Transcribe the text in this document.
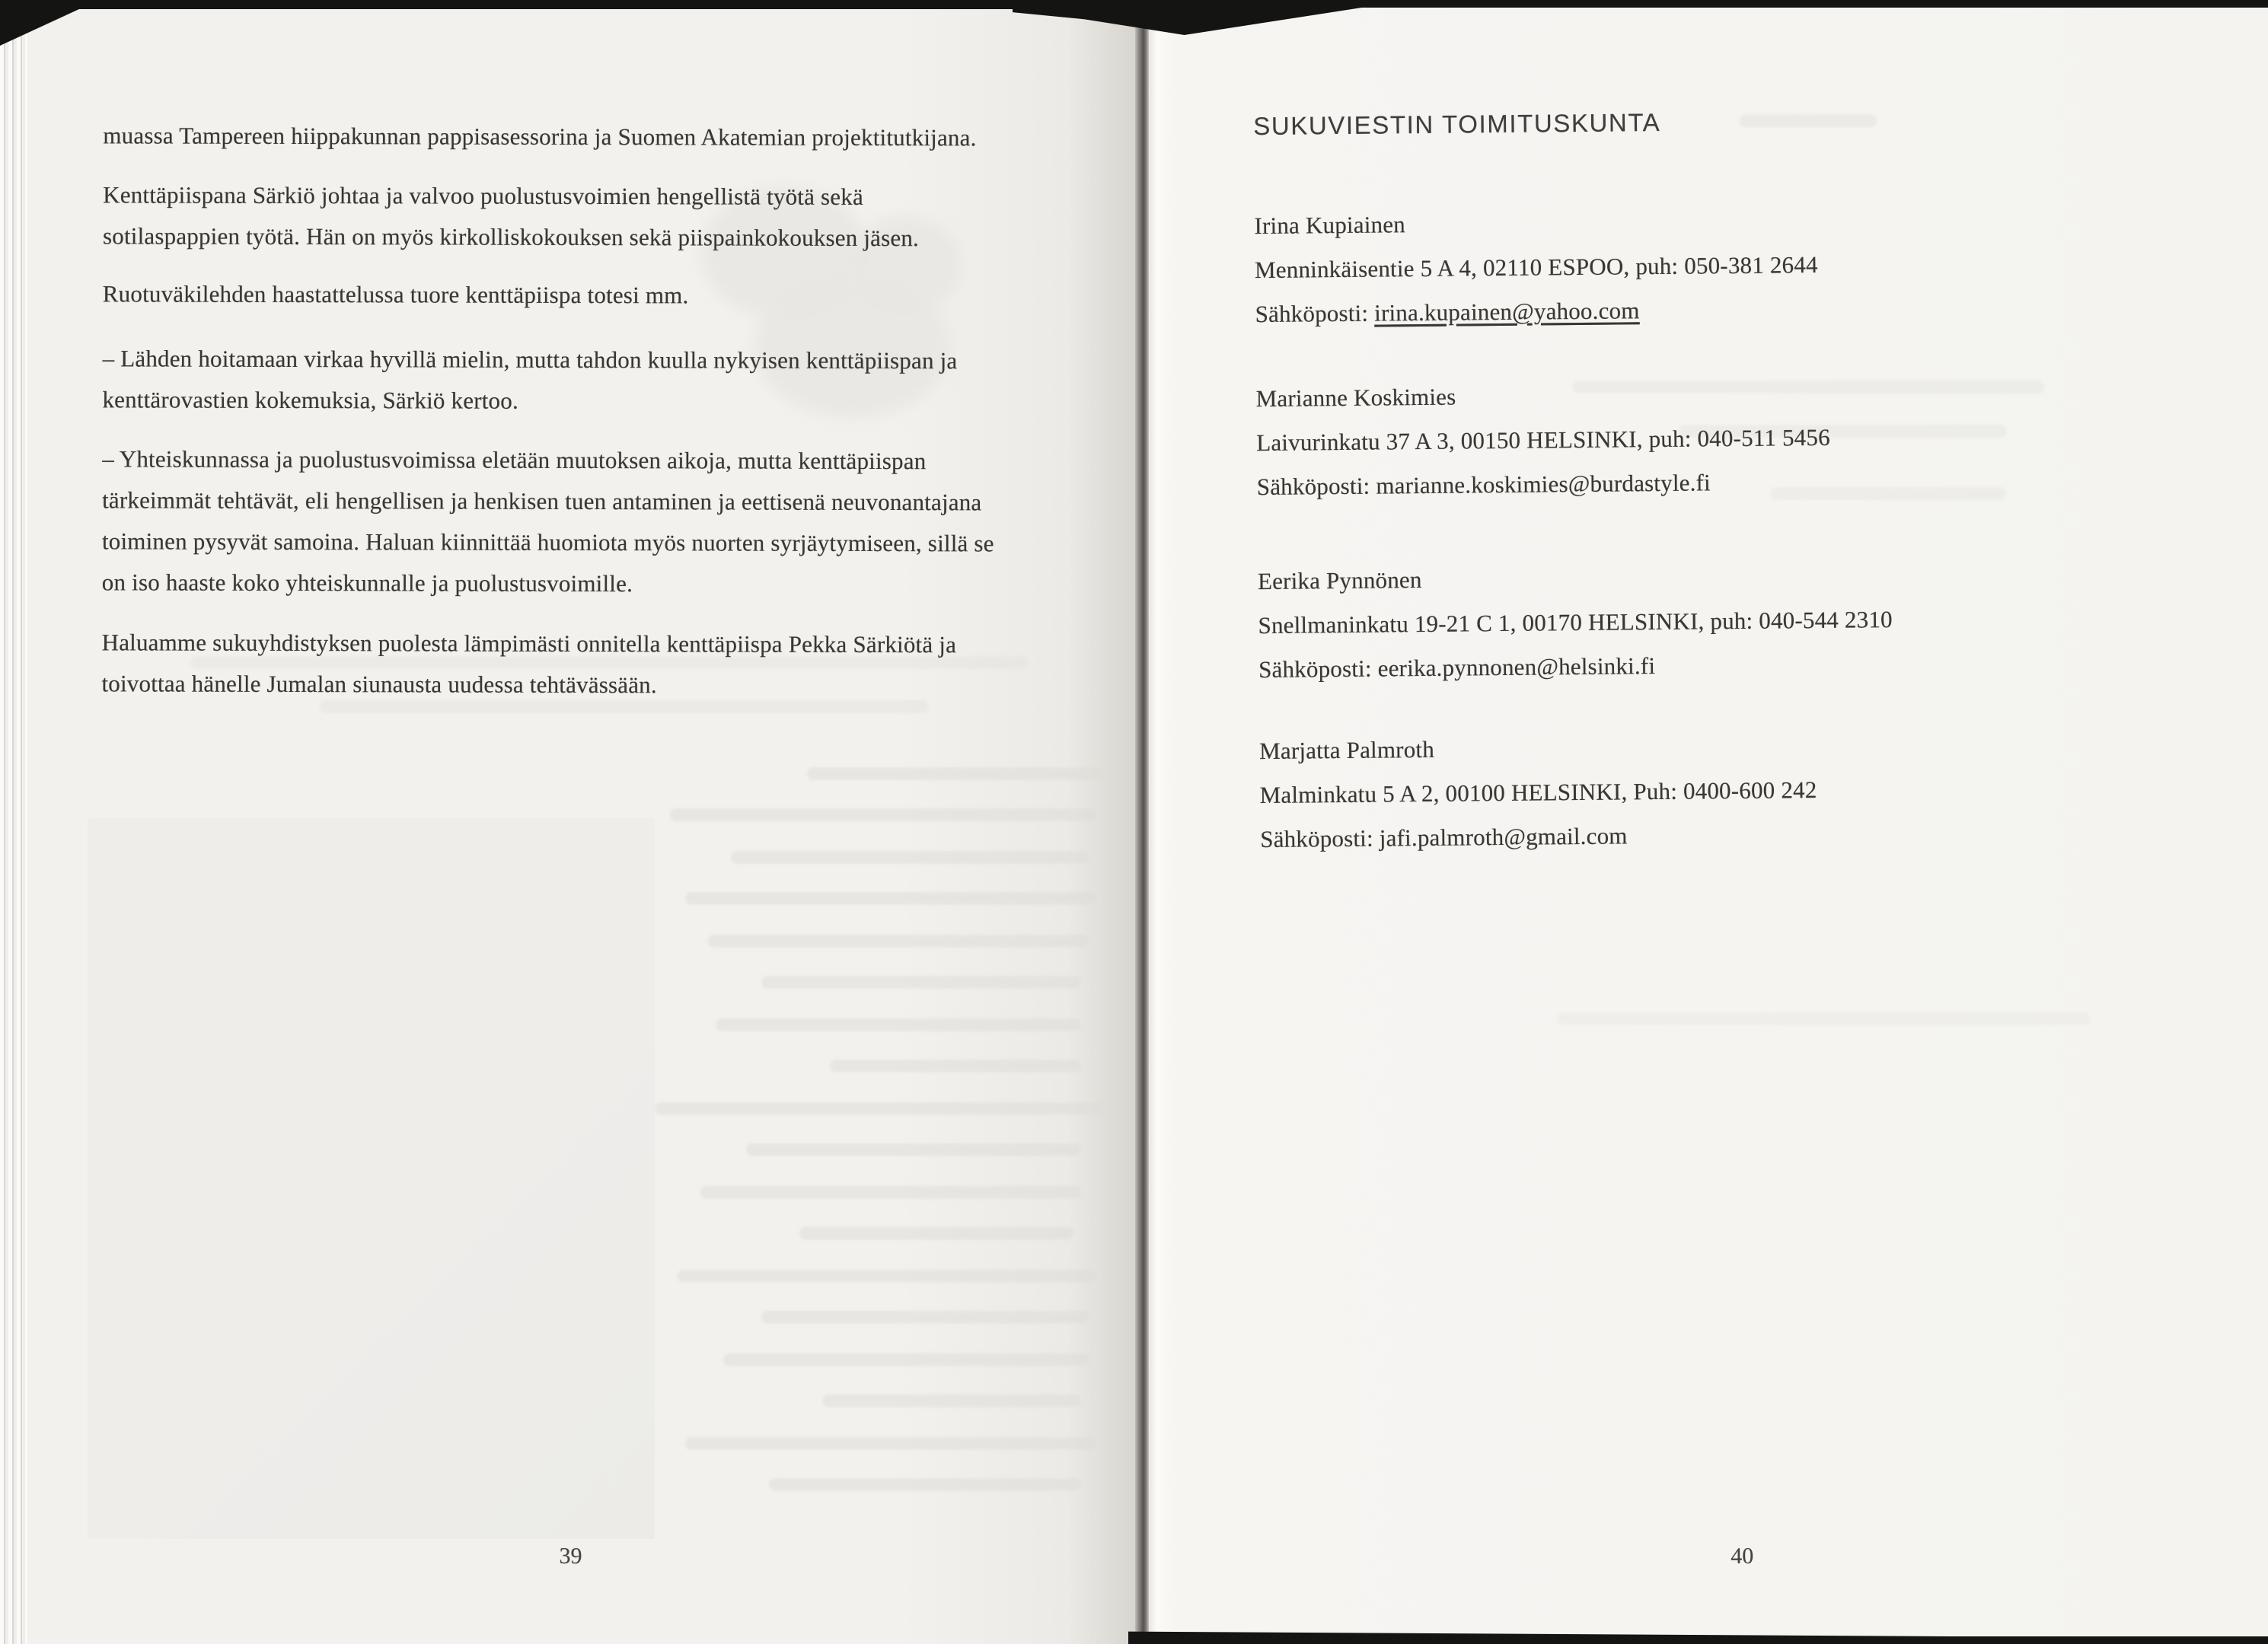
muassa Tampereen hiippakunnan pappisasessorina ja Suomen Akatemian projektitutkijana.
Kenttäpiispana Särkiö johtaa ja valvoo puolustusvoimien hengellistä työtä sekä
sotilaspappien työtä. Hän on myös kirkolliskokouksen sekä piispainkokouksen jäsen.
Ruotuväkilehden haastattelussa tuore kenttäpiispa totesi mm.
– Lähden hoitamaan virkaa hyvillä mielin, mutta tahdon kuulla nykyisen kenttäpiispan ja
kenttärovastien kokemuksia, Särkiö kertoo.
– Yhteiskunnassa ja puolustusvoimissa eletään muutoksen aikoja, mutta kenttäpiispan
tärkeimmät tehtävät, eli hengellisen ja henkisen tuen antaminen ja eettisenä neuvonantajana
toiminen pysyvät samoina. Haluan kiinnittää huomiota myös nuorten syrjäytymiseen, sillä se
on iso haaste koko yhteiskunnalle ja puolustusvoimille.
Haluamme sukuyhdistyksen puolesta lämpimästi onnitella kenttäpiispa Pekka Särkiötä ja
toivottaa hänelle Jumalan siunausta uudessa tehtävässään.
39
SUKUVIESTIN TOIMITUSKUNTA
Irina Kupiainen
Menninkäisentie 5 A 4, 02110 ESPOO, puh: 050-381 2644
Sähköposti: irina.kupainen@yahoo.com
Marianne Koskimies
Laivurinkatu 37 A 3, 00150 HELSINKI, puh: 040-511 5456
Sähköposti: marianne.koskimies@burdastyle.fi
Eerika Pynnönen
Snellmaninkatu 19-21 C 1, 00170 HELSINKI, puh: 040-544 2310
Sähköposti: eerika.pynnonen@helsinki.fi
Marjatta Palmroth
Malminkatu 5 A 2, 00100 HELSINKI, Puh: 0400-600 242
Sähköposti: jafi.palmroth@gmail.com
40
